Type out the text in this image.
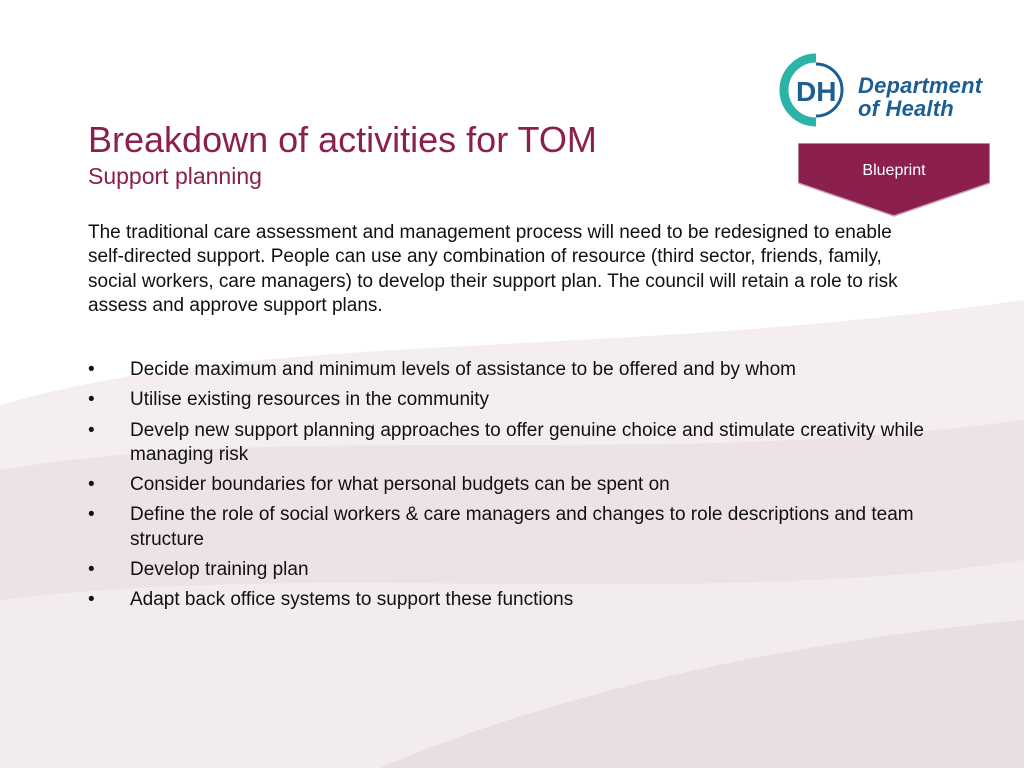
DH Department
of Health
Blueprint
Breakdown of activities for TOM
Support planning

The traditional care assessment and management process will need to be redesigned to enable self-directed support. People can use any combination of resource (third sector, friends, family, social workers, care managers) to develop their support plan. The council will retain a role to risk assess and approve support plans.

•	Decide maximum and minimum levels of assistance to be offered and by whom
•	Utilise existing resources in the community
•	Develp new support planning approaches to offer genuine choice and stimulate creativity while managing risk
•	Consider boundaries for what personal budgets can be spent on
•	Define the role of social workers & care managers and changes to role descriptions and team structure
•	Develop training plan
•	Adapt back office systems to support these functions
